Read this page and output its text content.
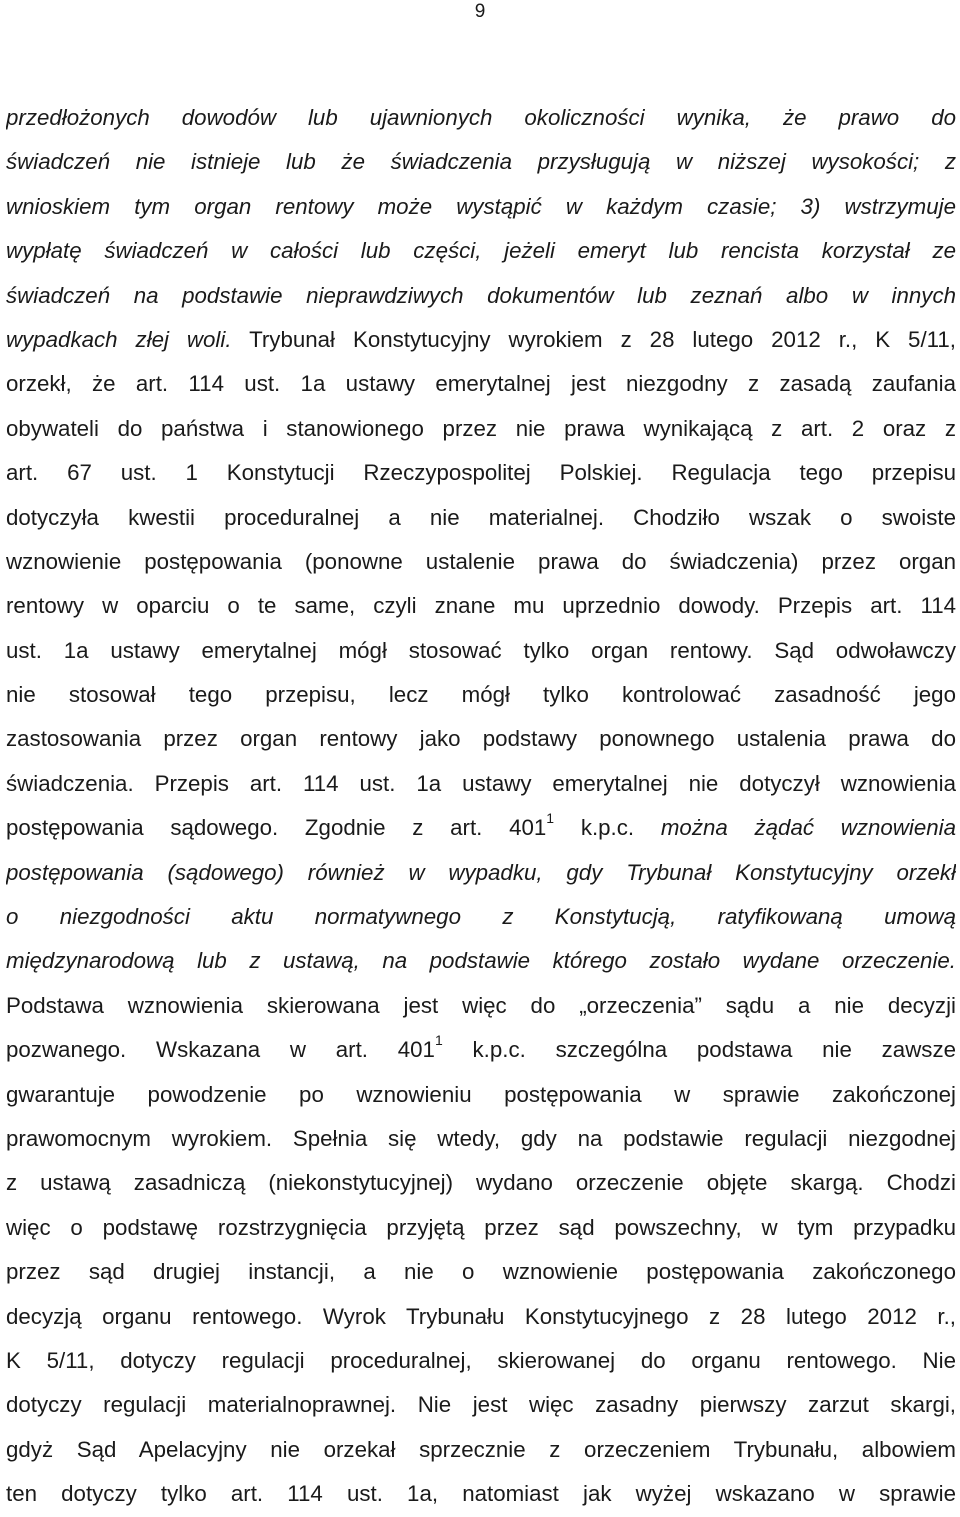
9
przedłożonych dowodów lub ujawnionych okoliczności wynika, że prawo do
świadczeń nie istnieje lub że świadczenia przysługują w niższej wysokości; z
wnioskiem tym organ rentowy może wystąpić w każdym czasie; 3) wstrzymuje
wypłatę świadczeń w całości lub części, jeżeli emeryt lub rencista korzystał ze
świadczeń na podstawie nieprawdziwych dokumentów lub zeznań albo w innych
wypadkach złej woli. Trybunał Konstytucyjny wyrokiem z 28 lutego 2012 r., K 5/11,
orzekł, że art. 114 ust. 1a ustawy emerytalnej jest niezgodny z zasadą zaufania
obywateli do państwa i stanowionego przez nie prawa wynikającą z art. 2 oraz z
art. 67 ust. 1 Konstytucji Rzeczypospolitej Polskiej. Regulacja tego przepisu
dotyczyła kwestii proceduralnej a nie materialnej. Chodziło wszak o swoiste
wznowienie postępowania (ponowne ustalenie prawa do świadczenia) przez organ
rentowy w oparciu o te same, czyli znane mu uprzednio dowody. Przepis art. 114
ust. 1a ustawy emerytalnej mógł stosować tylko organ rentowy. Sąd odwoławczy
nie stosował tego przepisu, lecz mógł tylko kontrolować zasadność jego
zastosowania przez organ rentowy jako podstawy ponownego ustalenia prawa do
świadczenia. Przepis art. 114 ust. 1a ustawy emerytalnej nie dotyczył wznowienia
postępowania sądowego. Zgodnie z art. $401^1$ k.p.c. można żądać wznowienia
postępowania (sądowego) również w wypadku, gdy Trybunał Konstytucyjny orzekł
o niezgodności aktu normatywnego z Konstytucją, ratyfikowaną umową
międzynarodową lub z ustawą, na podstawie którego zostało wydane orzeczenie.
Podstawa wznowienia skierowana jest więc do „orzeczenia” sądu a nie decyzji
pozwanego. Wskazana w art. $401^1$ k.p.c. szczególna podstawa nie zawsze
gwarantuje powodzenie po wznowieniu postępowania w sprawie zakończonej
prawomocnym wyrokiem. Spełnia się wtedy, gdy na podstawie regulacji niezgodnej
z ustawą zasadniczą (niekonstytucyjnej) wydano orzeczenie objęte skargą. Chodzi
więc o podstawę rozstrzygnięcia przyjętą przez sąd powszechny, w tym przypadku
przez sąd drugiej instancji, a nie o wznowienie postępowania zakończonego
decyzją organu rentowego. Wyrok Trybunału Konstytucyjnego z 28 lutego 2012 r.,
K 5/11, dotyczy regulacji proceduralnej, skierowanej do organu rentowego. Nie
dotyczy regulacji materialnoprawnej. Nie jest więc zasadny pierwszy zarzut skargi,
gdyż Sąd Apelacyjny nie orzekał sprzecznie z orzeczeniem Trybunału, albowiem
ten dotyczy tylko art. 114 ust. 1a, natomiast jak wyżej wskazano w sprawie
